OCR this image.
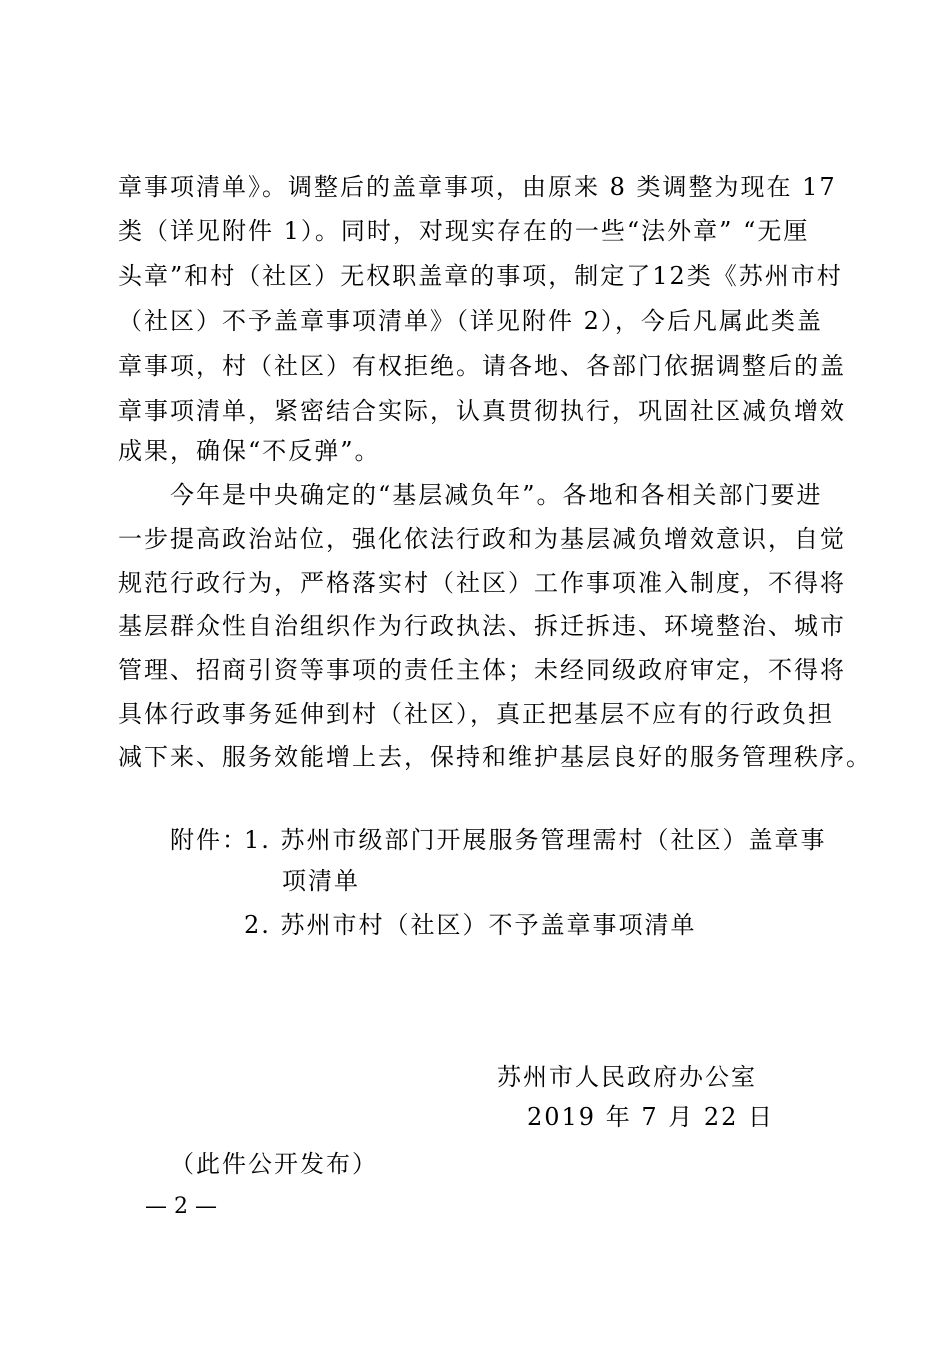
章事项清单》。调整后的盖章事项，由原来 8 类调整为现在 17
类（详见附件 1）。同时，对现实存在的一些“法外章” “无厘
头章”和村（社区）无权职盖章的事项，制定了12类《苏州市村
（社区）不予盖章事项清单》（详见附件 2），今后凡属此类盖
章事项，村（社区）有权拒绝。请各地、各部门依据调整后的盖
章事项清单，紧密结合实际，认真贯彻执行，巩固社区减负增效
成果，确保“不反弹”。
　　今年是中央确定的“基层减负年”。各地和各相关部门要进
一步提高政治站位，强化依法行政和为基层减负增效意识，自觉
规范行政行为，严格落实村（社区）工作事项准入制度，不得将
基层群众性自治组织作为行政执法、拆迁拆违、环境整治、城市
管理、招商引资等事项的责任主体；未经同级政府审定，不得将
具体行政事务延伸到村（社区），真正把基层不应有的行政负担
减下来、服务效能增上去，保持和维护基层良好的服务管理秩序。
附件：
1. 苏州市级部门开展服务管理需村（社区）盖章事
项清单
2. 苏州市村（社区）不予盖章事项清单
苏州市人民政府办公室
2019 年 7 月 22 日
（此件公开发布）
— 2 —
